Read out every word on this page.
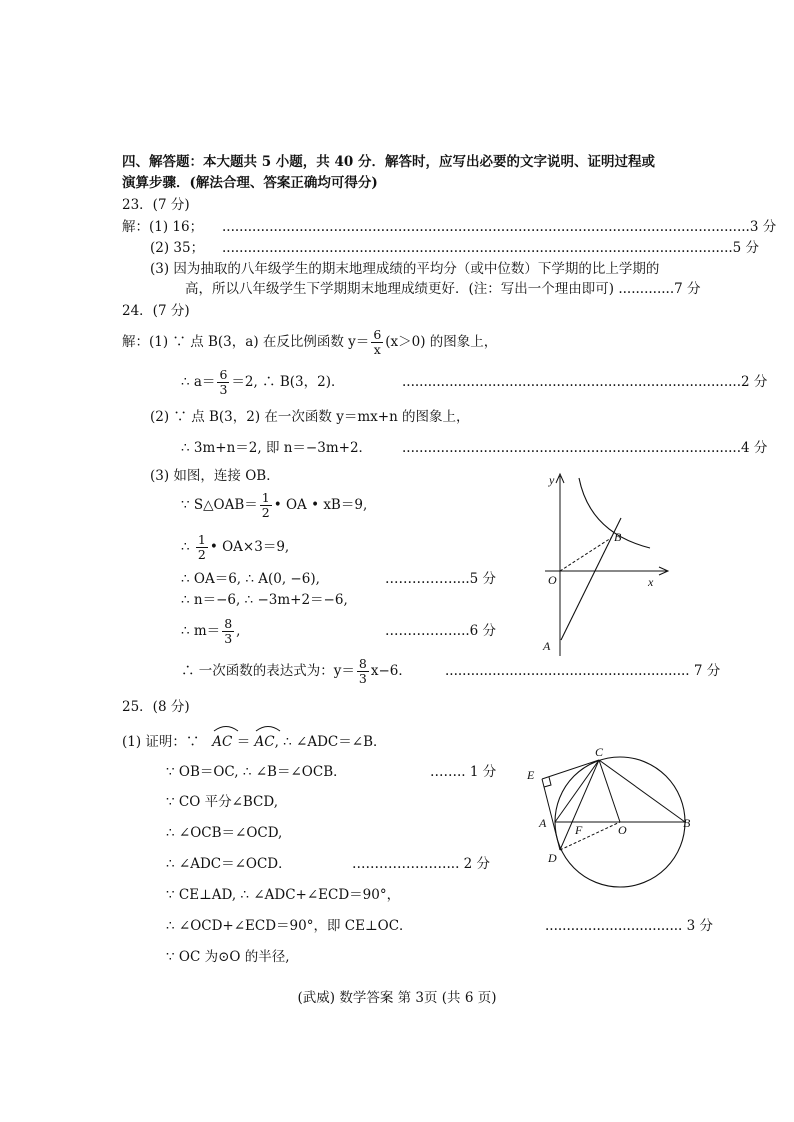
四、解答题：本大题共 5 小题，共 40 分．解答时，应写出必要的文字说明、证明过程或
演算步骤．(解法合理、答案正确均可得分)
23．(7 分)
解：(1) 16； ...........................................................................................................................3 分
(2) 35； .......................................................................................................................5 分
(3) 因为抽取的八年级学生的期末地理成绩的平均分（或中位数）下学期的比上学期的
高，所以八年级学生下学期期末地理成绩更好．(注：写出一个理由即可) .............7 分
24．(7 分)
解：(1) ∵ 点 B(3，a) 在反比例函数 $y= \frac{6}{x} (x>0)$ 的图象上，
∴ $a= \frac{6}{3} =2$, ∴ B(3，2)．	...............................................................................2 分
(2) ∵ 点 B(3，2) 在一次函数 y＝mx+n 的图象上，
∴ 3m+n＝2, 即 n＝−3m+2． ...............................................................................4 分
(3) 如图，连接 OB．
∵ S△OAB＝ $\frac{1}{2}$ • OA • xB＝9,
∴ $\frac{1}{2}$ • OA×3＝9,
∴ OA＝6, ∴ A(0, −6),	……………....5 分
∴ n＝−6, ∴ −3m+2＝−6,
∴ $m= \frac{8}{3}$ ,	……………....6 分
∴ 一次函数的表达式为：$y= \frac{8}{3} x-6$． ......................................................... 7 分
y
x
O
B
A
25．(8 分)
(1) 证明：∵ AC ＝ AC, ∴ ∠ADC＝∠B．
∵ OB＝OC, ∴ ∠B＝∠OCB．	…….. 1 分
∵ CO 平分∠BCD,
∴ ∠OCB＝∠OCD,
∴ ∠ADC＝∠OCD．	…………………... 2 分
∵ CE⊥AD, ∴ ∠ADC+∠ECD＝90°，
∴ ∠OCD+∠ECD＝90°，即 CE⊥OC．	................................ 3 分
∵ OC 为⊙O 的半径,
C
E
A F	O	B
D
(武威) 数学答案 第 3页 (共 6 页)
